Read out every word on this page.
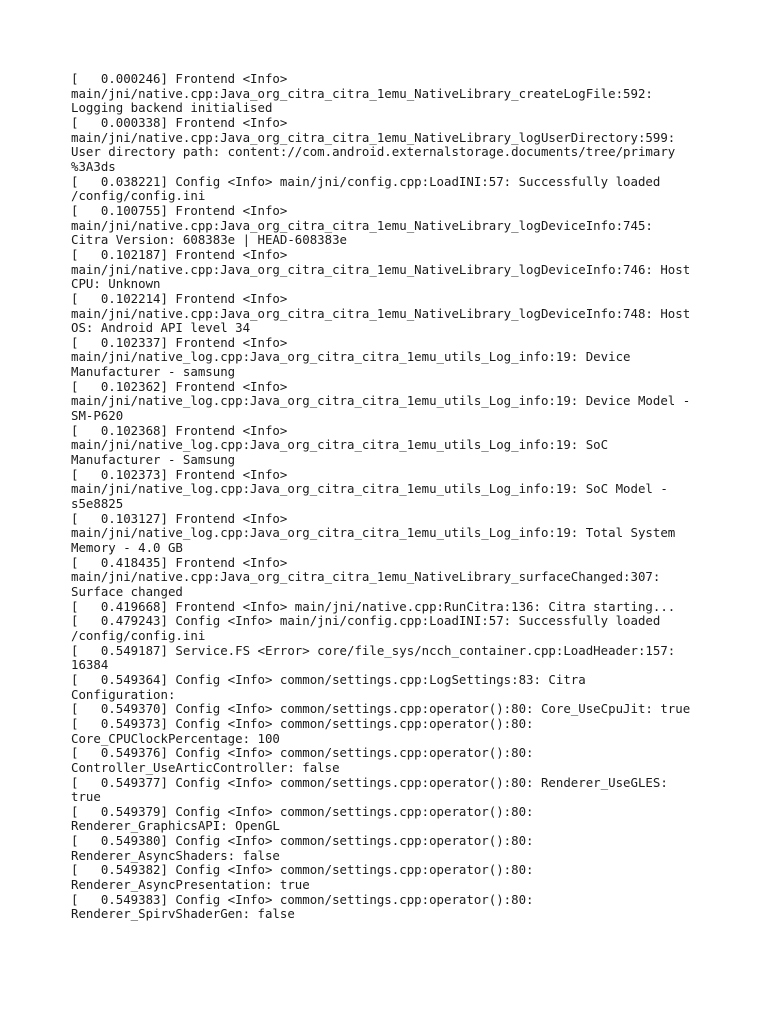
[   0.000246] Frontend <Info>
main/jni/native.cpp:Java_org_citra_citra_1emu_NativeLibrary_createLogFile:592:
Logging backend initialised
[   0.000338] Frontend <Info>
main/jni/native.cpp:Java_org_citra_citra_1emu_NativeLibrary_logUserDirectory:599:
User directory path: content://com.android.externalstorage.documents/tree/primary
%3A3ds
[   0.038221] Config <Info> main/jni/config.cpp:LoadINI:57: Successfully loaded
/config/config.ini
[   0.100755] Frontend <Info>
main/jni/native.cpp:Java_org_citra_citra_1emu_NativeLibrary_logDeviceInfo:745:
Citra Version: 608383e | HEAD-608383e
[   0.102187] Frontend <Info>
main/jni/native.cpp:Java_org_citra_citra_1emu_NativeLibrary_logDeviceInfo:746: Host
CPU: Unknown
[   0.102214] Frontend <Info>
main/jni/native.cpp:Java_org_citra_citra_1emu_NativeLibrary_logDeviceInfo:748: Host
OS: Android API level 34
[   0.102337] Frontend <Info>
main/jni/native_log.cpp:Java_org_citra_citra_1emu_utils_Log_info:19: Device
Manufacturer - samsung
[   0.102362] Frontend <Info>
main/jni/native_log.cpp:Java_org_citra_citra_1emu_utils_Log_info:19: Device Model -
SM-P620
[   0.102368] Frontend <Info>
main/jni/native_log.cpp:Java_org_citra_citra_1emu_utils_Log_info:19: SoC
Manufacturer - Samsung
[   0.102373] Frontend <Info>
main/jni/native_log.cpp:Java_org_citra_citra_1emu_utils_Log_info:19: SoC Model -
s5e8825
[   0.103127] Frontend <Info>
main/jni/native_log.cpp:Java_org_citra_citra_1emu_utils_Log_info:19: Total System
Memory - 4.0 GB
[   0.418435] Frontend <Info>
main/jni/native.cpp:Java_org_citra_citra_1emu_NativeLibrary_surfaceChanged:307:
Surface changed
[   0.419668] Frontend <Info> main/jni/native.cpp:RunCitra:136: Citra starting...
[   0.479243] Config <Info> main/jni/config.cpp:LoadINI:57: Successfully loaded
/config/config.ini
[   0.549187] Service.FS <Error> core/file_sys/ncch_container.cpp:LoadHeader:157:
16384
[   0.549364] Config <Info> common/settings.cpp:LogSettings:83: Citra
Configuration:
[   0.549370] Config <Info> common/settings.cpp:operator():80: Core_UseCpuJit: true
[   0.549373] Config <Info> common/settings.cpp:operator():80:
Core_CPUClockPercentage: 100
[   0.549376] Config <Info> common/settings.cpp:operator():80:
Controller_UseArticController: false
[   0.549377] Config <Info> common/settings.cpp:operator():80: Renderer_UseGLES:
true
[   0.549379] Config <Info> common/settings.cpp:operator():80:
Renderer_GraphicsAPI: OpenGL
[   0.549380] Config <Info> common/settings.cpp:operator():80:
Renderer_AsyncShaders: false
[   0.549382] Config <Info> common/settings.cpp:operator():80:
Renderer_AsyncPresentation: true
[   0.549383] Config <Info> common/settings.cpp:operator():80:
Renderer_SpirvShaderGen: false
